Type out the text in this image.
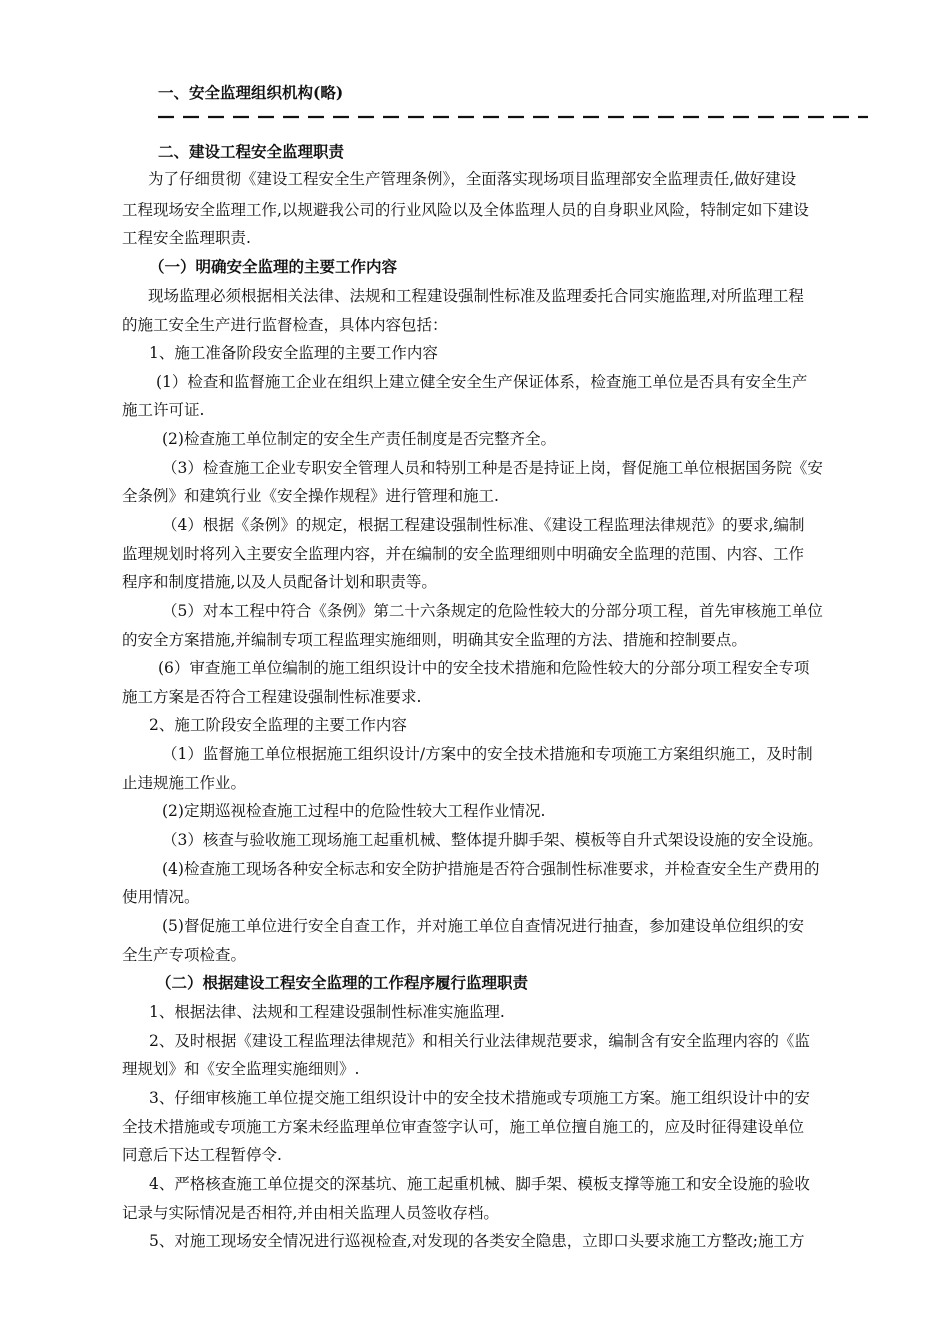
一、安全监理组织机构(略)
二、建设工程安全监理职责
为了仔细贯彻《建设工程安全生产管理条例》，全面落实现场项目监理部安全监理责任,做好建设
工程现场安全监理工作,以规避我公司的行业风险以及全体监理人员的自身职业风险，特制定如下建设
工程安全监理职责.
（一）明确安全监理的主要工作内容
现场监理必须根据相关法律、法规和工程建设强制性标准及监理委托合同实施监理,对所监理工程
的施工安全生产进行监督检查，具体内容包括：
1、施工准备阶段安全监理的主要工作内容
(1）检查和监督施工企业在组织上建立健全安全生产保证体系，检查施工单位是否具有安全生产
施工许可证.
(2)检查施工单位制定的安全生产责任制度是否完整齐全。
（3）检查施工企业专职安全管理人员和特别工种是否是持证上岗，督促施工单位根据国务院《安
全条例》和建筑行业《安全操作规程》进行管理和施工.
（4）根据《条例》的规定，根据工程建设强制性标准、《建设工程监理法律规范》的要求,编制
监理规划时将列入主要安全监理内容，并在编制的安全监理细则中明确安全监理的范围、内容、工作
程序和制度措施,以及人员配备计划和职责等。
（5）对本工程中符合《条例》第二十六条规定的危险性较大的分部分项工程，首先审核施工单位
的安全方案措施,并编制专项工程监理实施细则，明确其安全监理的方法、措施和控制要点。
(6）审查施工单位编制的施工组织设计中的安全技术措施和危险性较大的分部分项工程安全专项
施工方案是否符合工程建设强制性标准要求.
2、施工阶段安全监理的主要工作内容
（1）监督施工单位根据施工组织设计/方案中的安全技术措施和专项施工方案组织施工，及时制
止违规施工作业。
(2)定期巡视检查施工过程中的危险性较大工程作业情况.
（3）核查与验收施工现场施工起重机械、整体提升脚手架、模板等自升式架设设施的安全设施。
(4)检查施工现场各种安全标志和安全防护措施是否符合强制性标准要求，并检查安全生产费用的
使用情况。
(5)督促施工单位进行安全自查工作，并对施工单位自查情况进行抽查，参加建设单位组织的安
全生产专项检查。
（二）根据建设工程安全监理的工作程序履行监理职责
1、根据法律、法规和工程建设强制性标准实施监理.
2、及时根据《建设工程监理法律规范》和相关行业法律规范要求，编制含有安全监理内容的《监
理规划》和《安全监理实施细则》.
3、仔细审核施工单位提交施工组织设计中的安全技术措施或专项施工方案。施工组织设计中的安
全技术措施或专项施工方案未经监理单位审查签字认可，施工单位擅自施工的，应及时征得建设单位
同意后下达工程暂停令.
4、严格核查施工单位提交的深基坑、施工起重机械、脚手架、模板支撑等施工和安全设施的验收
记录与实际情况是否相符,并由相关监理人员签收存档。
5、对施工现场安全情况进行巡视检查,对发现的各类安全隐患，立即口头要求施工方整改;施工方
